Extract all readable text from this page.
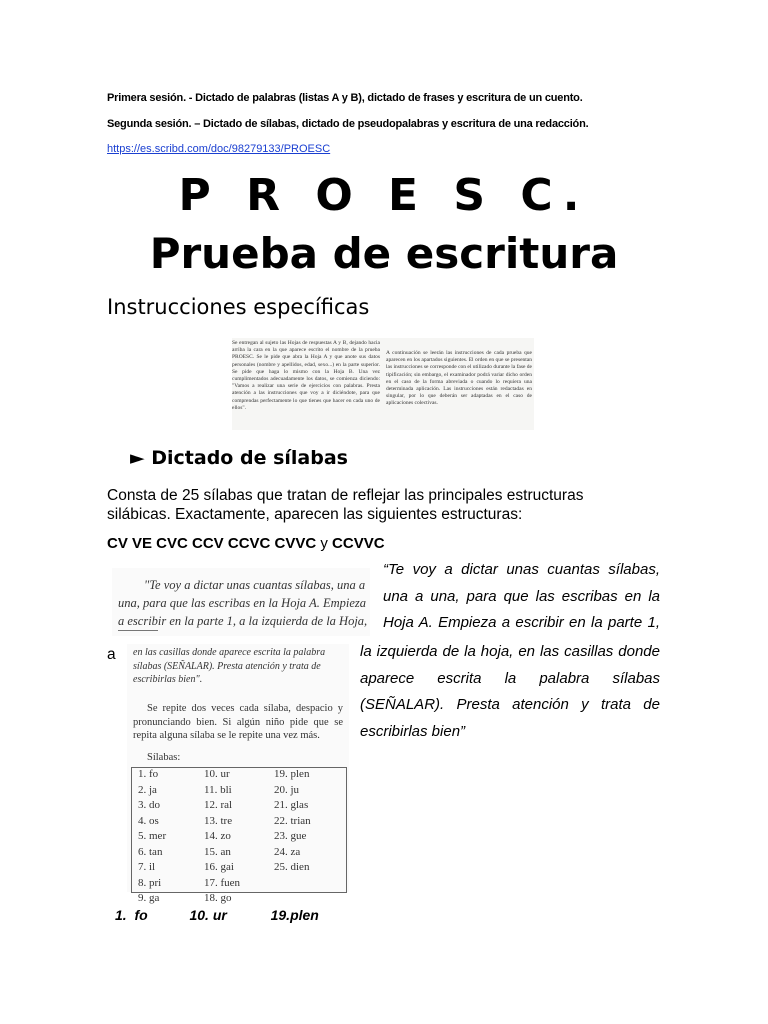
Primera sesión. - Dictado de palabras (listas A y B), dictado de frases y escritura de un cuento.
Segunda sesión. – Dictado de sílabas, dictado de pseudopalabras y escritura de una redacción.
https://es.scribd.com/doc/98279133/PROESC
P R O E S C.
Prueba de escritura
Instrucciones específicas

Se entregan al sujeto las Hojas de respuestas A y B, dejando hacia arriba la cara en la que aparece escrito el nombre de la prueba PROESC. Se le pide que abra la Hoja A y que anote sus datos personales (nombre y apellidos, edad, sexo...) en la parte superior. Se pide que haga lo mismo con la Hoja B. Una vez cumplimentados adecuadamente los datos, se comienza diciendo: "Vamos a realizar una serie de ejercicios con palabras. Presta atención a las instrucciones que voy a ir diciéndote, para que comprendas perfectamente lo que tienes que hacer en cada uno de ellos".

A continuación se leerán las instrucciones de cada prueba que aparecen en los apartados siguientes. El orden en que se presentan las instrucciones se corresponde con el utilizado durante la fase de tipificación; sin embargo, el examinador podrá variar dicho orden en el caso de la forma abreviada o cuando lo requiera una determinada aplicación. Las instrucciones están redactadas en singular, por lo que deberán ser adaptadas en el caso de aplicaciones colectivas.

► Dictado de sílabas
Consta de 25 sílabas que tratan de reflejar las principales estructuras silábicas. Exactamente, aparecen las siguientes estructuras:
CV VE CVC CCV CCVC CVVC y CCVVC
"Te voy a dictar unas cuantas sílabas, una a
una, para que las escribas en la Hoja A. Empieza
a escribir en la parte 1, a la izquierda de la Hoja,
a en las casillas donde aparece escrita la palabra
sílabas (SEÑALAR). Presta atención y trata de
escribirlas bien".

Se repite dos veces cada sílaba, despacio y pronunciando bien. Si algún niño pide que se repita alguna sílaba se le repite una vez más.

Sílabas:
1. fo	10. ur	19. plen
2. ja	11. bli	20. ju
3. do	12. ral	21. glas
4. os	13. tre	22. trian
5. mer	14. zo	23. gue
6. tan	15. an	24. za
7. il	16. gai	25. dien
8. pri	17. fuen	
9. ga	18. go	
“Te voy a dictar unas cuantas sílabas,
una a una, para que las escribas en la
Hoja A. Empieza a escribir en la parte 1,
la izquierda de la hoja, en las casillas donde
aparece escrita la palabra sílabas
(SEÑALAR). Presta atención y trata de
escribirlas bien”
1. fo	10. ur	19.plen
